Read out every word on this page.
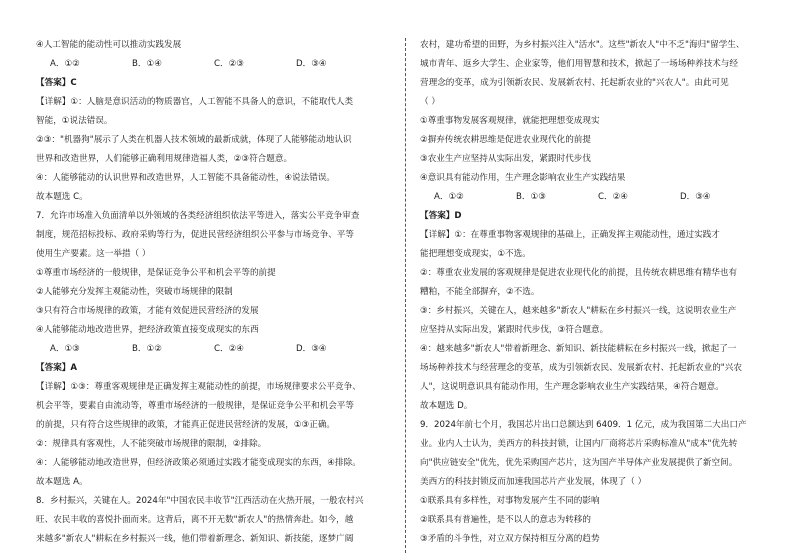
④人工智能的能动性可以推动实践发展
A．①②	B．①④	C．②③	D．③④
【答案】C
【详解】①：人脑是意识活动的物质器官，人工智能不具备人的意识，不能取代人类
智能，①说法错误。
②③："机器狗"展示了人类在机器人技术领域的最新成就，体现了人能够能动地认识
世界和改造世界，人们能够正确利用规律造福人类，②③符合题意。
④：人能够能动的认识世界和改造世界，人工智能不具备能动性，④说法错误。
故本题选 C。
7．允许市场准入负面清单以外领域的各类经济组织依法平等进入，落实公平竞争审查
制度，规范招标投标、政府采购等行为，促进民营经济组织公平参与市场竞争、平等
使用生产要素。这一举措（ ）
①尊重市场经济的一般规律，是保证竞争公平和机会平等的前提
②人能够充分发挥主观能动性，突破市场规律的限制
③只有符合市场规律的政策，才能有效促进民营经济的发展
④人能够能动地改造世界，把经济政策直接变成现实的东西
A．①③	B．①②	C．②④	D．③④
【答案】A
【详解】①③：尊重客观规律是正确发挥主观能动性的前提，市场规律要求公平竞争、
机会平等，要素自由流动等，尊重市场经济的一般规律，是保证竞争公平和机会平等
的前提，只有符合这些规律的政策，才能真正促进民营经济的发展，①③正确。
②：规律具有客观性，人不能突破市场规律的限制，②排除。
④：人能够能动地改造世界，但经济政策必须通过实践才能变成现实的东西，④排除。
故本题选 A。
8．乡村振兴，关键在人。2024年"中国农民丰收节"江西活动在火热开展，一般农村兴
旺、农民丰收的喜悦扑面而来。这背后，离不开无数"新农人"的热情奔赴。如今，越
来越多"新农人"耕耘在乡村振兴一线，他们带着新理念、新知识、新技能，逐梦广阔
农村，建功希望的田野，为乡村振兴注入"活水"。这些"新农人"中不乏"海归"留学生、
城市青年、返乡大学生、企业家等，他们用智慧和技术，掀起了一场场种养技术与经
营理念的变革，成为引领新农民、发展新农村、托起新农业的"兴农人"。由此可见
（ ）
①尊重事物发展客观规律，就能把理想变成现实
②摒弃传统农耕思维是促进农业现代化的前提
③农业生产应坚持从实际出发，紧跟时代步伐
④意识具有能动作用，生产理念影响农业生产实践结果
A．①②	B．①③	C．②④	D．③④
【答案】D
【详解】①：在尊重事物客观规律的基础上，正确发挥主观能动性，通过实践才
能把理想变成现实，①不选。
②：尊重农业发展的客观规律是促进农业现代化的前提，且传统农耕思维有精华也有
糟粕，不能全部摒弃，②不选。
③：乡村振兴，关键在人，越来越多"新农人"耕耘在乡村振兴一线，这说明农业生产
应坚持从实际出发，紧跟时代步伐，③符合题意。
④：越来越多"新农人"带着新理念、新知识、新技能耕耘在乡村振兴一线，掀起了一
场场种养技术与经营理念的变革，成为引领新农民、发展新农村、托起新农业的"兴农
人"，这说明意识具有能动作用，生产理念影响农业生产实践结果，④符合题意。
故本题选 D。
9．2024年前七个月，我国芯片出口总额达到 6409．1 亿元，成为我国第二大出口产
业。业内人士认为，美西方的科技封锁，让国内厂商将芯片采购标准从"成本"优先转
向"供应链安全"优先，优先采购国产芯片，这为国产半导体产业发展提供了新空间。
美西方的科技封锁反而加速我国芯片产业发展，体现了（ ）
①联系具有多样性，对事物发展产生不同的影响
②联系具有普遍性，是不以人的意志为转移的
③矛盾的斗争性，对立双方保持相互分离的趋势
